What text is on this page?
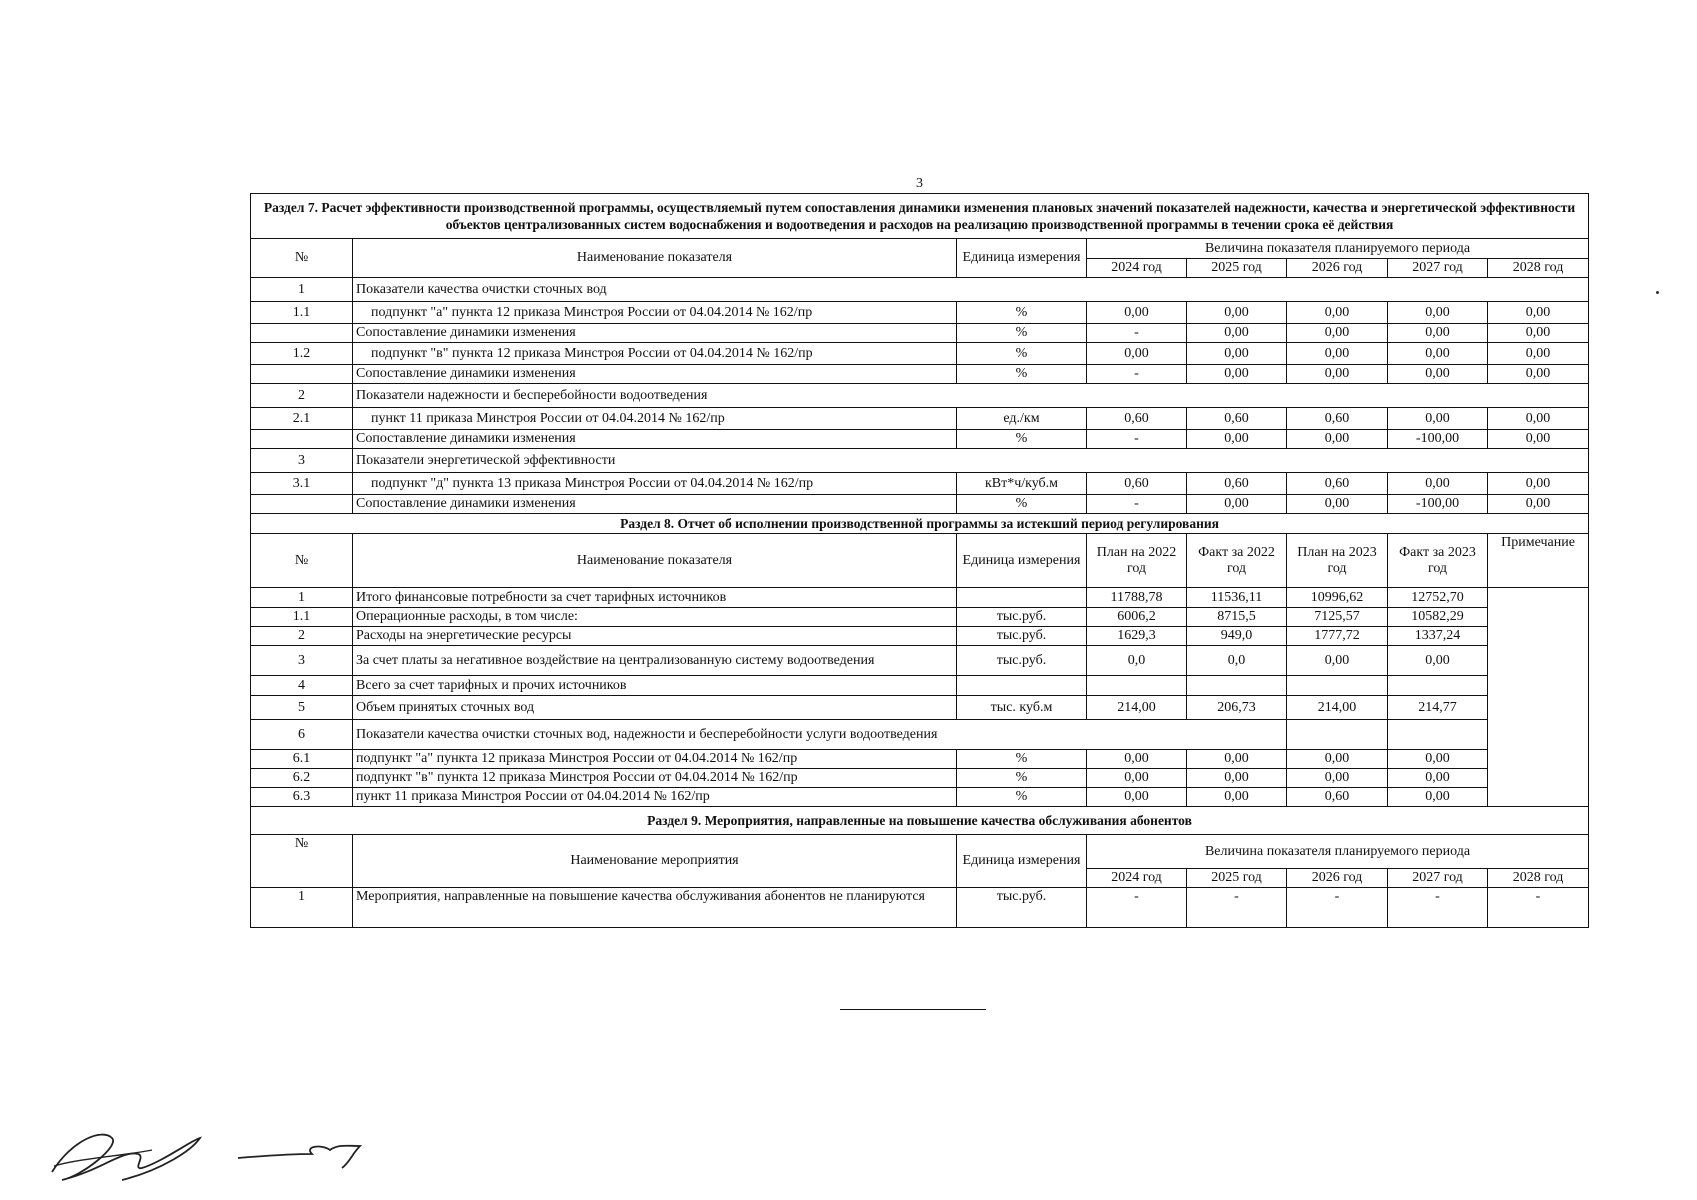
3
Раздел 7. Расчет эффективности производственной программы, осуществляемый путем сопоставления динамики изменения плановых значений показателей надежности, качества и энергетической эффективности объектов централизованных систем водоснабжения и водоотведения и расходов на реализацию производственной программы в течении срока её действия							
№	Наименование показателя	Единица измерения	Величина показателя планируемого периода				
			2024 год	2025 год	2026 год	2027 год	2028 год
1	Показатели качества очистки сточных вод						
1.1	подпункт "а" пункта 12 приказа Минстроя России от 04.04.2014 № 162/пр	%	0,00	0,00	0,00	0,00	0,00
	Сопоставление динамики изменения	%	-	0,00	0,00	0,00	0,00
1.2	подпункт "в" пункта 12 приказа Минстроя России от 04.04.2014 № 162/пр	%	0,00	0,00	0,00	0,00	0,00
	Сопоставление динамики изменения	%	-	0,00	0,00	0,00	0,00
2	Показатели надежности и бесперебойности водоотведения						
2.1	пункт 11 приказа Минстроя России от 04.04.2014 № 162/пр	ед./км	0,60	0,60	0,60	0,00	0,00
	Сопоставление динамики изменения	%	-	0,00	0,00	-100,00	0,00
3	Показатели энергетической эффективности						
3.1	подпункт "д" пункта 13 приказа Минстроя России от 04.04.2014 № 162/пр	кВт*ч/куб.м	0,60	0,60	0,60	0,00	0,00
	Сопоставление динамики изменения	%	-	0,00	0,00	-100,00	0,00
Раздел 8. Отчет об исполнении производственной программы за истекший период регулирования							
№	Наименование показателя	Единица измерения	План на 2022 год	Факт за 2022 год	План на 2023 год	Факт за 2023 год	Примечание
1	Итого финансовые потребности за счет тарифных источников		11788,78	11536,11	10996,62	12752,70	
1.1	Операционные расходы, в том числе:	тыс.руб.	6006,2	8715,5	7125,57	10582,29	
2	Расходы на энергетические ресурсы	тыс.руб.	1629,3	949,0	1777,72	1337,24	
3	За счет платы за негативное воздействие на централизованную систему водоотведения	тыс.руб.	0,0	0,0	0,00	0,00	
4	Всего за счет тарифных и прочих источников						
5	Объем принятых сточных вод	тыс. куб.м	214,00	206,73	214,00	214,77	
6	Показатели качества очистки сточных вод, надежности и бесперебойности услуги водоотведения						
6.1	подпункт "а" пункта 12 приказа Минстроя России от 04.04.2014 № 162/пр	%	0,00	0,00	0,00	0,00	
6.2	подпункт "в" пункта 12 приказа Минстроя России от 04.04.2014 № 162/пр	%	0,00	0,00	0,00	0,00	
6.3	пункт 11 приказа Минстроя России от 04.04.2014 № 162/пр	%	0,00	0,00	0,60	0,00	
Раздел 9. Мероприятия, направленные на повышение качества обслуживания абонентов							
№	Наименование мероприятия	Единица измерения	Величина показателя планируемого периода				
			2024 год	2025 год	2026 год	2027 год	2028 год
1	Мероприятия, направленные на повышение качества обслуживания абонентов не планируются	тыс.руб.	-	-	-	-	-
